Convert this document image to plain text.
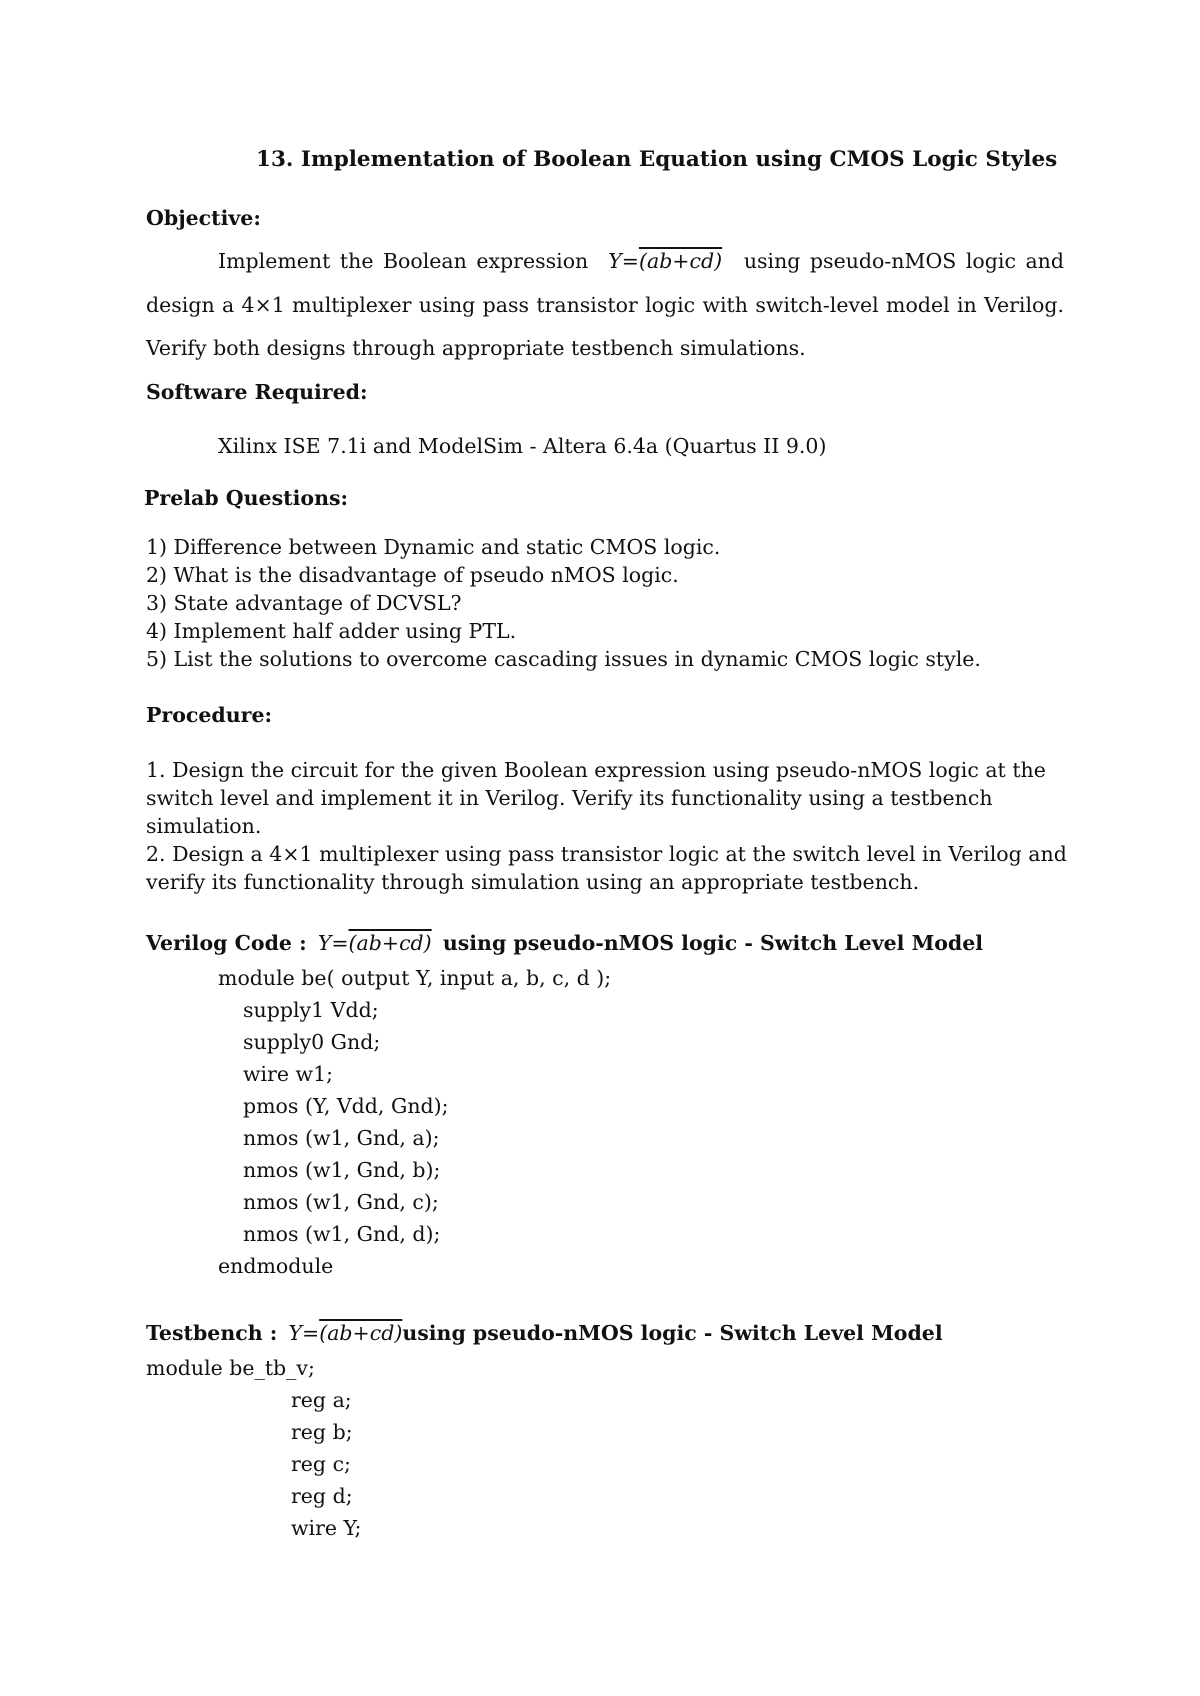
13. Implementation of Boolean Equation using CMOS Logic Styles
Objective:
Implement the Boolean expression Y=(ab+cd) using pseudo-nMOS logic and
design a 4×1 multiplexer using pass transistor logic with switch-level model in Verilog.
Verify both designs through appropriate testbench simulations.
Software Required:
Xilinx ISE 7.1i and ModelSim - Altera 6.4a (Quartus II 9.0)
Prelab Questions:
1) Difference between Dynamic and static CMOS logic.
2) What is the disadvantage of pseudo nMOS logic.
3) State advantage of DCVSL?
4) Implement half adder using PTL.
5) List the solutions to overcome cascading issues in dynamic CMOS logic style.
Procedure:
1. Design the circuit for the given Boolean expression using pseudo-nMOS logic at the
switch level and implement it in Verilog. Verify its functionality using a testbench
simulation.
2. Design a 4×1 multiplexer using pass transistor logic at the switch level in Verilog and
verify its functionality through simulation using an appropriate testbench.
Verilog Code : Y=(ab+cd) using pseudo-nMOS logic - Switch Level Model
module be( output Y, input a, b, c, d );
supply1 Vdd;
supply0 Gnd;
wire w1;
pmos (Y, Vdd, Gnd);
nmos (w1, Gnd, a);
nmos (w1, Gnd, b);
nmos (w1, Gnd, c);
nmos (w1, Gnd, d);
endmodule
Testbench : Y=(ab+cd)using pseudo-nMOS logic - Switch Level Model
module be_tb_v;
reg a;
reg b;
reg c;
reg d;
wire Y;
